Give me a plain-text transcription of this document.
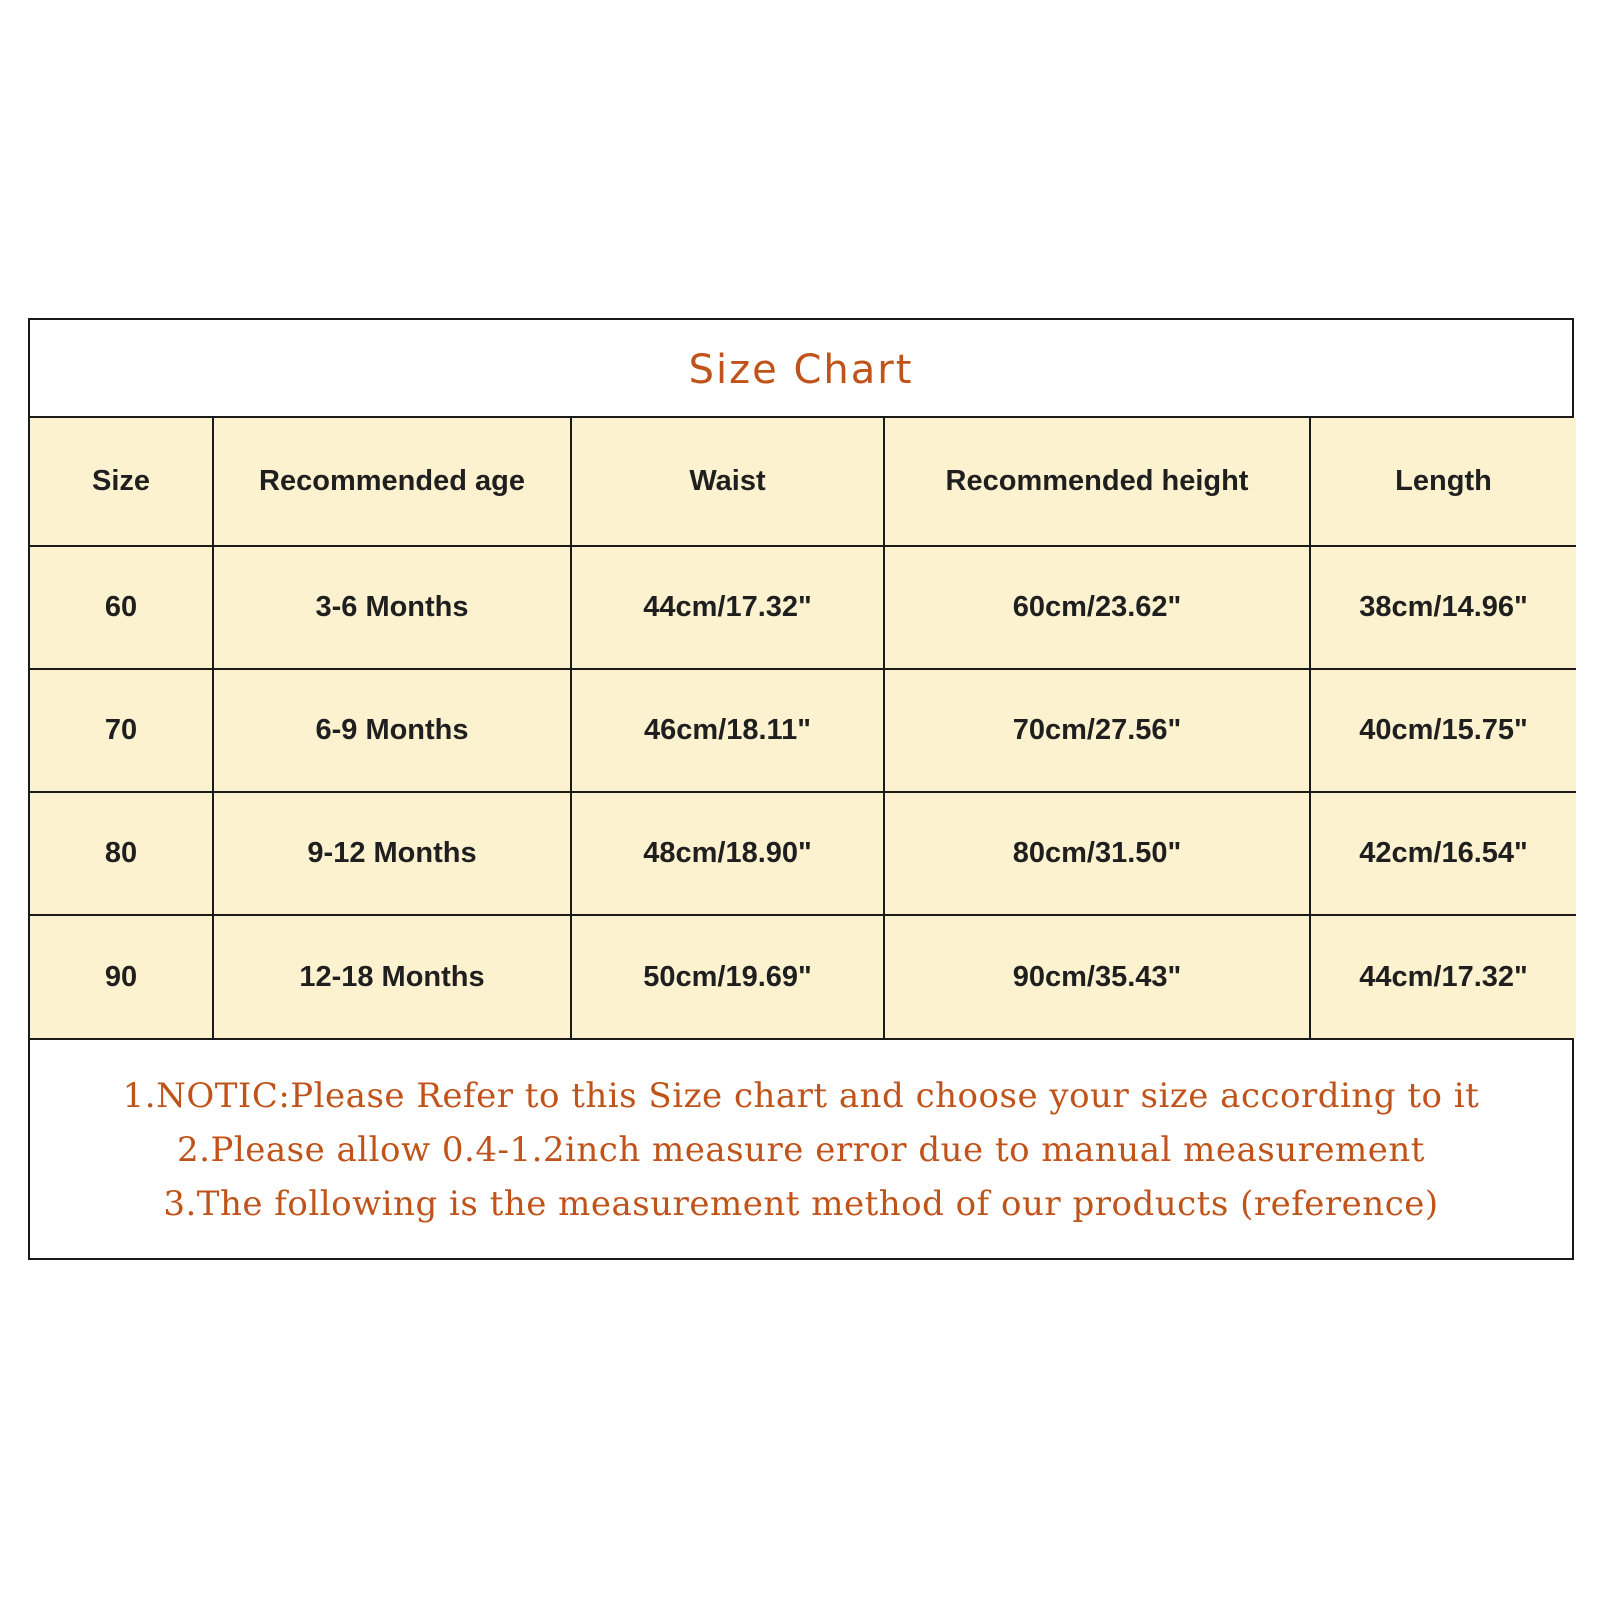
Size Chart
Size	Recommended age	Waist	Recommended height	Length
60	3-6 Months	44cm/17.32"	60cm/23.62"	38cm/14.96"
70	6-9 Months	46cm/18.11"	70cm/27.56"	40cm/15.75"
80	9-12 Months	48cm/18.90"	80cm/31.50"	42cm/16.54"
90	12-18 Months	50cm/19.69"	90cm/35.43"	44cm/17.32"
1.NOTIC:Please Refer to this Size chart and choose your size according to it
2.Please allow 0.4-1.2inch measure error due to manual measurement
3.The following is the measurement method of our products (reference)
